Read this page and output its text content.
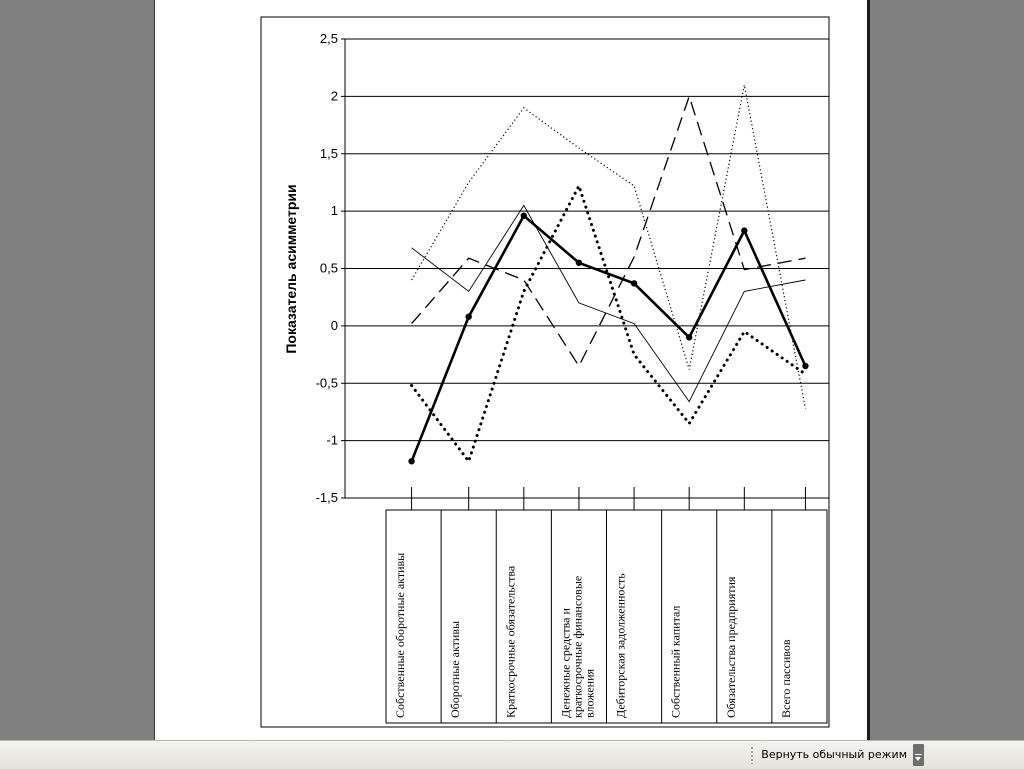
2,5
2
1,5
1
0,5
0
-0,5
-1
-1,5
Показатель асимметрии
Собственные оборотные активы	Оборотные активы	Краткосрочные обязательства	Денежные средства икраткосрочные финансовыевложения Дебиторская задолженность	Собственный капитал	Обязательства предприятия	Всего пассивов
Вернуть обычный режим
